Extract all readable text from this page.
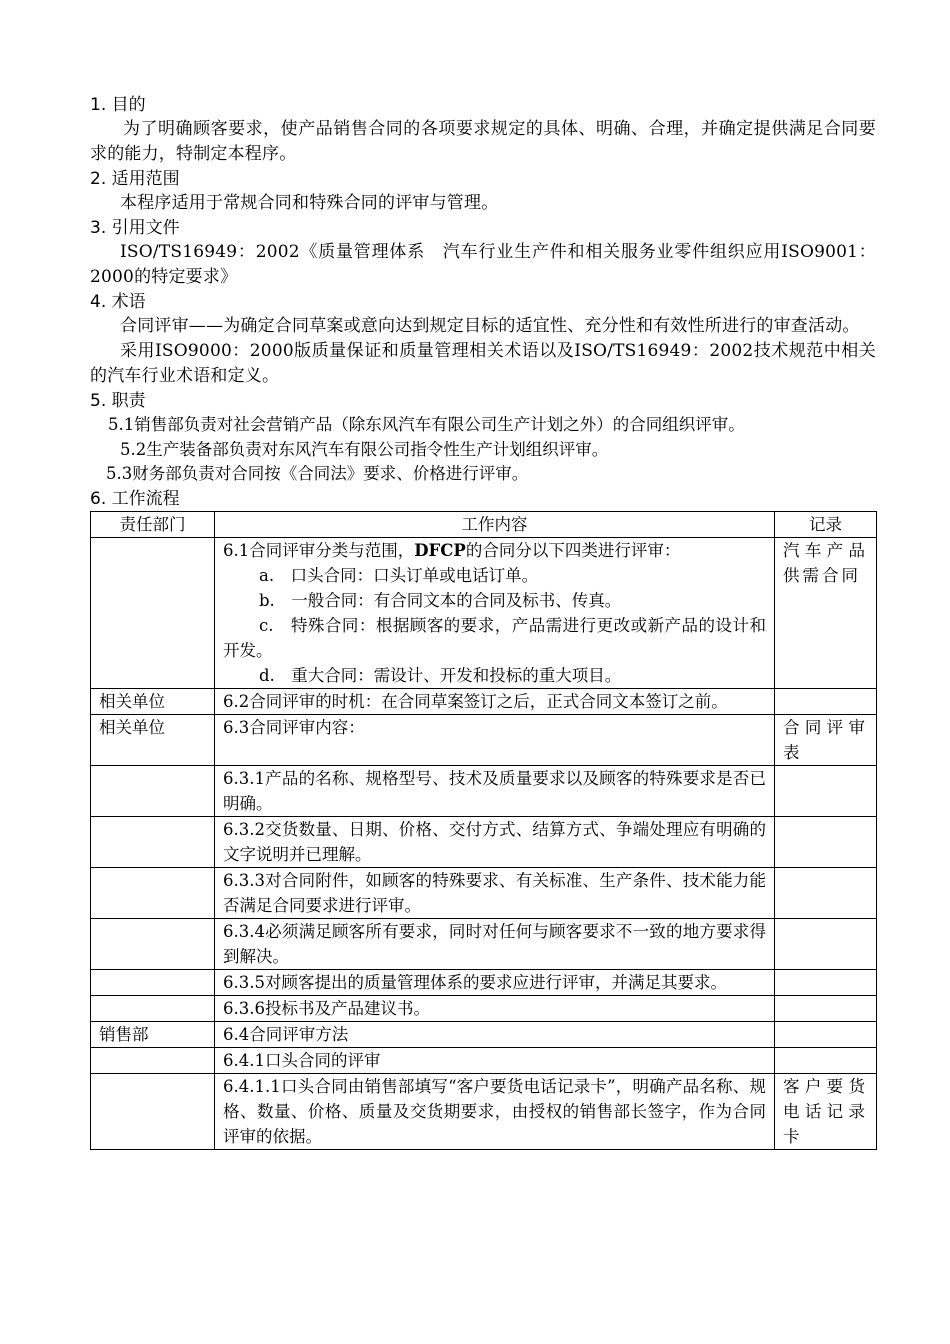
1. 目的
为了明确顾客要求，使产品销售合同的各项要求规定的具体、明确、合理，并确定提供满足合同要求的能力，特制定本程序。
2. 适用范围
本程序适用于常规合同和特殊合同的评审与管理。
3. 引用文件
ISO/TS16949：2002《质量管理体系　汽车行业生产件和相关服务业零件组织应用ISO9001：2000的特定要求》
4. 术语
合同评审——为确定合同草案或意向达到规定目标的适宜性、充分性和有效性所进行的审查活动。
采用ISO9000：2000版质量保证和质量管理相关术语以及ISO/TS16949：2002技术规范中相关的汽车行业术语和定义。
5. 职责
5.1销售部负责对社会营销产品（除东风汽车有限公司生产计划之外）的合同组织评审。
5.2生产装备部负责对东风汽车有限公司指令性生产计划组织评审。
5.3财务部负责对合同按《合同法》要求、价格进行评审。
6. 工作流程
责任部门	工作内容	记录
	6.1合同评审分类与范围，DFCP的合同分以下四类进行评审：
a.　口头合同：口头订单或电话订单。
b.　一般合同：有合同文本的合同及标书、传真。
c.　特殊合同：根据顾客的要求，产品需进行更改或新产品的设计和开发。
d.　重大合同：需设计、开发和投标的重大项目。	汽车产品供需合同
相关单位	6.2合同评审的时机：在合同草案签订之后，正式合同文本签订之前。	
相关单位	6.3合同评审内容：	合同评审表
	6.3.1产品的名称、规格型号、技术及质量要求以及顾客的特殊要求是否已明确。	
	6.3.2交货数量、日期、价格、交付方式、结算方式、争端处理应有明确的文字说明并已理解。	
	6.3.3对合同附件，如顾客的特殊要求、有关标准、生产条件、技术能力能否满足合同要求进行评审。	
	6.3.4必须满足顾客所有要求，同时对任何与顾客要求不一致的地方要求得到解决。	
	6.3.5对顾客提出的质量管理体系的要求应进行评审，并满足其要求。	
	6.3.6投标书及产品建议书。	
销售部	6.4合同评审方法	
	6.4.1口头合同的评审	
	6.4.1.1口头合同由销售部填写“客户要货电话记录卡”，明确产品名称、规格、数量、价格、质量及交货期要求，由授权的销售部长签字，作为合同评审的依据。	客户要货电话记录卡
